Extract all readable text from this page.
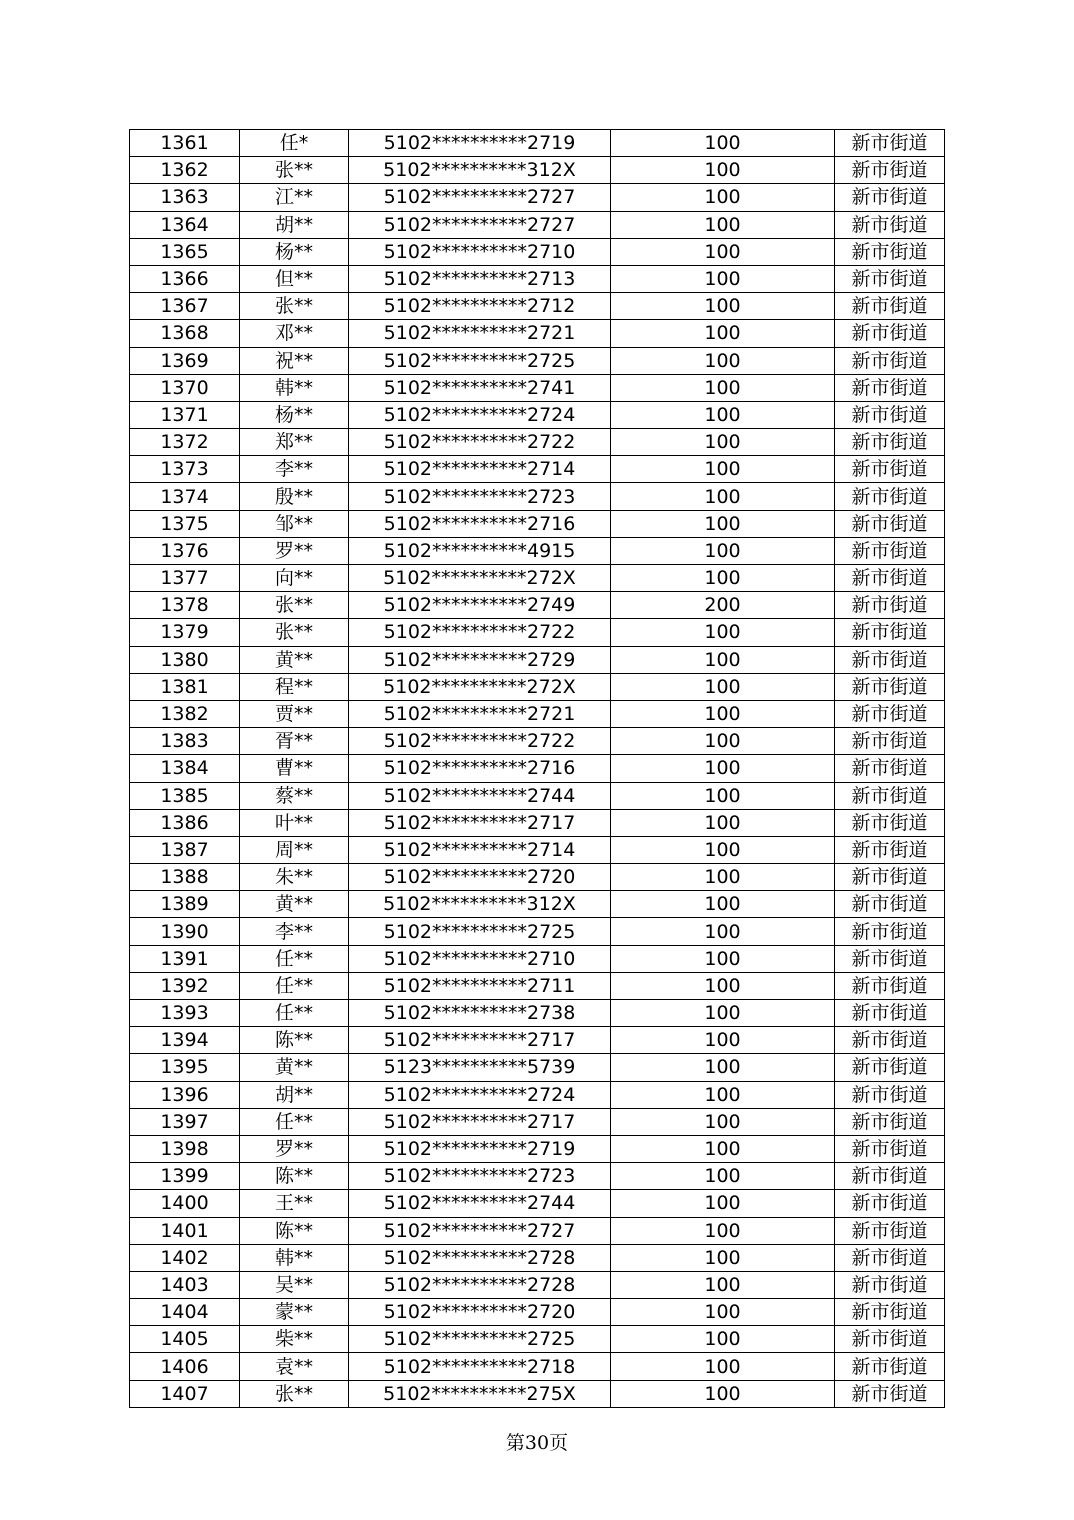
1361	任*	5102**********2719	100	新市街道
1362	张**	5102**********312X	100	新市街道
1363	江**	5102**********2727	100	新市街道
1364	胡**	5102**********2727	100	新市街道
1365	杨**	5102**********2710	100	新市街道
1366	但**	5102**********2713	100	新市街道
1367	张**	5102**********2712	100	新市街道
1368	邓**	5102**********2721	100	新市街道
1369	祝**	5102**********2725	100	新市街道
1370	韩**	5102**********2741	100	新市街道
1371	杨**	5102**********2724	100	新市街道
1372	郑**	5102**********2722	100	新市街道
1373	李**	5102**********2714	100	新市街道
1374	殷**	5102**********2723	100	新市街道
1375	邹**	5102**********2716	100	新市街道
1376	罗**	5102**********4915	100	新市街道
1377	向**	5102**********272X	100	新市街道
1378	张**	5102**********2749	200	新市街道
1379	张**	5102**********2722	100	新市街道
1380	黄**	5102**********2729	100	新市街道
1381	程**	5102**********272X	100	新市街道
1382	贾**	5102**********2721	100	新市街道
1383	胥**	5102**********2722	100	新市街道
1384	曹**	5102**********2716	100	新市街道
1385	蔡**	5102**********2744	100	新市街道
1386	叶**	5102**********2717	100	新市街道
1387	周**	5102**********2714	100	新市街道
1388	朱**	5102**********2720	100	新市街道
1389	黄**	5102**********312X	100	新市街道
1390	李**	5102**********2725	100	新市街道
1391	任**	5102**********2710	100	新市街道
1392	任**	5102**********2711	100	新市街道
1393	任**	5102**********2738	100	新市街道
1394	陈**	5102**********2717	100	新市街道
1395	黄**	5123**********5739	100	新市街道
1396	胡**	5102**********2724	100	新市街道
1397	任**	5102**********2717	100	新市街道
1398	罗**	5102**********2719	100	新市街道
1399	陈**	5102**********2723	100	新市街道
1400	王**	5102**********2744	100	新市街道
1401	陈**	5102**********2727	100	新市街道
1402	韩**	5102**********2728	100	新市街道
1403	吴**	5102**********2728	100	新市街道
1404	蒙**	5102**********2720	100	新市街道
1405	柴**	5102**********2725	100	新市街道
1406	袁**	5102**********2718	100	新市街道
1407	张**	5102**********275X	100	新市街道
第30页
